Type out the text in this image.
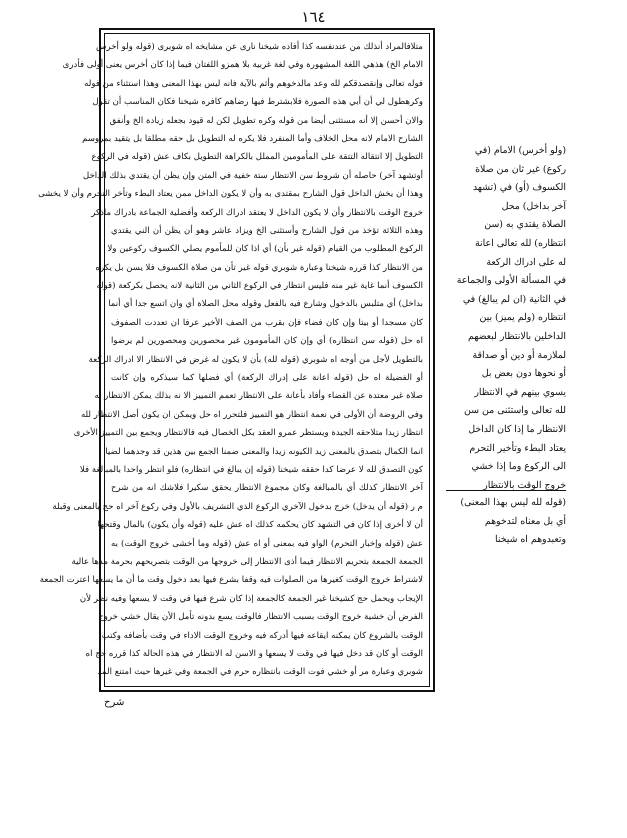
١٦٤
متلافالمراد أنذلك من عندنفسه كذا أفاده شيخنا نارى عن مشايخه اه شوبرى (قوله ولو أخرس
الامام الخ) هذهي اللغة المشهورة وفي لغة غربية بلا همزو اللفتان فيما إذا كان أخرس يعنى أولى فأدرى
فوله تعالى وإنقصدقكم لله وعد مالدخوهم وأثم بالآية فانه ليس بهذا المعنى وهذا استثناء من فوله
وكرهطول لي أن أبي هذه الصورة فلابشترط فيها رضاهم كافره شيخنا فكان المناسب أن تقول
والان أحسن إلا أنه مستثنى أيضا من قوله وكره تطويل لكن له قيود بجعله زيادة الخ وأنفق
الشارح الامام لانه محل الخلاف وأما المنفرد فلا يكره له التطويل بل حقه مطلقا بل يتقيد بمروسم
التطويل إلا انتقاله التتقة على المأمومين المملل بالكراهة التطويل بكاف عش (قوله في الركوع
أوتشهد آخر) حاصله أن شروط سن الانتظار ستة خفية في المتن وإن يظن أن يقتدي بذلك الداخل
وهذا أن يخش الداخل قول الشارح بمقتدى به وأن لا يكون الداخل ممن يعتاد البطء وتأخر التحرم وأن لا يخشى
خروج الوقت بالانتظار وأن لا يكون الداخل لا يعتقد ادراك الركعة وأفضلية الجماعة بادراك ماذكر
وهذه الثلاثة تؤخذ من قول الشارح وأستثنى الخ ويزاد عاشر وهو أن يظن أن الني يقتدي
الركوع المطلوب من القيام (قوله غير بأن) أي اذا كان للمأموم يصلي الكسوف ركوعين ولا
من الانتظار كذا قرره شيخنا وعبارة شوبري قوله غير تأن من صلاة الكسوف فلا يسن بل يكره
الكسوف أنما غاية غير منه فليس انتظار في الركوع الثاني من الثانية لانه يحصل بكركعة (قوله
بداخل) أي متلبس بالدخول وشارع فيه بالفعل وقوله محل الصلاة أي وان اتسع جدا أي أنما
كان مسجدا أو بيتا وإن كان فضاء فإن بقرب من الصف الأخير عرفا ان تعددت الصفوف
اه حل (قوله سن انتظاره) أي وإن كان المأمومون غير محصورين ومحصورين لم يرضوا
بالتطويل لأجل من أوجه اه شوبري (قوله لله) بأن لا يكون له غرض في الانتظار الا ادراك الركعة
أو الفضيلة اه حل (قوله اعانة على إدراك الركعة) أي فضلها كما سيذكره وإن كانت
صلاة غير معتدة عن القضاء وأفاد بأعانة على الانتظار تعمم التمييز الا نه بذلك يمكن الانتظار به
وفي الروضة أن الأولى في نعمة انتظار هو التمييز فلتحرر اه حل ويمكن ان يكون أصل الانتظار لله
انتظار زيدا متلاحقه الجيدة ويستظر عمرو العقد بكل الخصال فيه فالانتظار ويجمع بين التمييز الأخرى
انما الكمال بتصدق بالمعنى زيد الكيونه زيدا والمعنى ضمنا الجمع بين هذين قد وجدهما لضيا
كون التصدق لله لا عرضا كدا حققه شيخنا (قوله إن يبالغ في انتظاره) فلو انتظر واحدا بالمبالغة فلا
آخر الانتظار كذلك أي بالمبالغة وكان مجموع الانتظار يحقق سكيرا فلاشك انه من شرح
م ر (قوله أن يدخل) خرج بدخول الآخري الركوع الذي التشريف بالأول وفي ركوع آخر اه حج بالمعنى وقبلة
أن لا أخرى إذا كان في التشهد كان يحكمه كذلك اه عش عليه (قوله وأن يكون) بالمال وقتحها
عش (قوله وإخبار التحرم) الواو فيه بمعنى أو اه عش (قوله وما أخشى خروج الوقت) به
الجمعة الجمعة بتحريم الانتظار فيما أذى الانتظار إلى خروجها من الوقت بتصريحهم بحرمة مدها عالية
لاشتراط خروج الوقت كغيرها من الصلوات فيه وقفا بشرع فيها بعد دخول وقت ما أن ما يسعها اعترت الجمعة
الإيجاب ويحمل حج كشيخنا غير الجمعة كالجمعة إذا كان شرع فيها في وقت لا يسعها وفيه نظر لأن
الفرض أن خشية خروج الوقت بسبب الانتظار فالوقت يسع بدونه تأمل الأن يقال خشي خروج
الوقت بالشروع كان يمكنه ايقاعه فيها أدركه فيه وخروج الوقت الاداء في وقت بأضافه وكتب
الوقت أو كان قد دخل فيها في وقت لا يسعها و الاسن له الانتظار في هذه الحالة كذا قرره حج اه
شوبري وعبارة مر أو خشي فوت الوقت بانتظاره حرم في الجمعة وفي غيرها حيث امتنع المد
(ولو أخرس) الامام (في
ركوع) غير ثان من صلاة
الكسوف (أو) في (تشهد
آخر بداخل) محل
الصلاة يقتدي به (سن
انتظاره) لله تعالى اعانة
له على ادراك الركعة
في المسألة الأولى والجماعة
في الثانية (ان لم يبالغ) في
انتظاره (ولم يميز) بين
الداخلين بالانتظار لبعضهم
لملازمة أو دين أو صداقة
أو نحوها دون بعض بل
يسوي بينهم في الانتظار
لله تعالى واستثنى من سن
الانتظار ما إذا كان الداخل
يعتاد البطء وتأخير التحرم
الى الركوع وما إذا خشي
خروج الوقت بالانتظار
(قوله لله ليس بهذا المعنى)
أي بل معناه لتدخوهم
وتعبدوهم اه شيخنا
شرح
